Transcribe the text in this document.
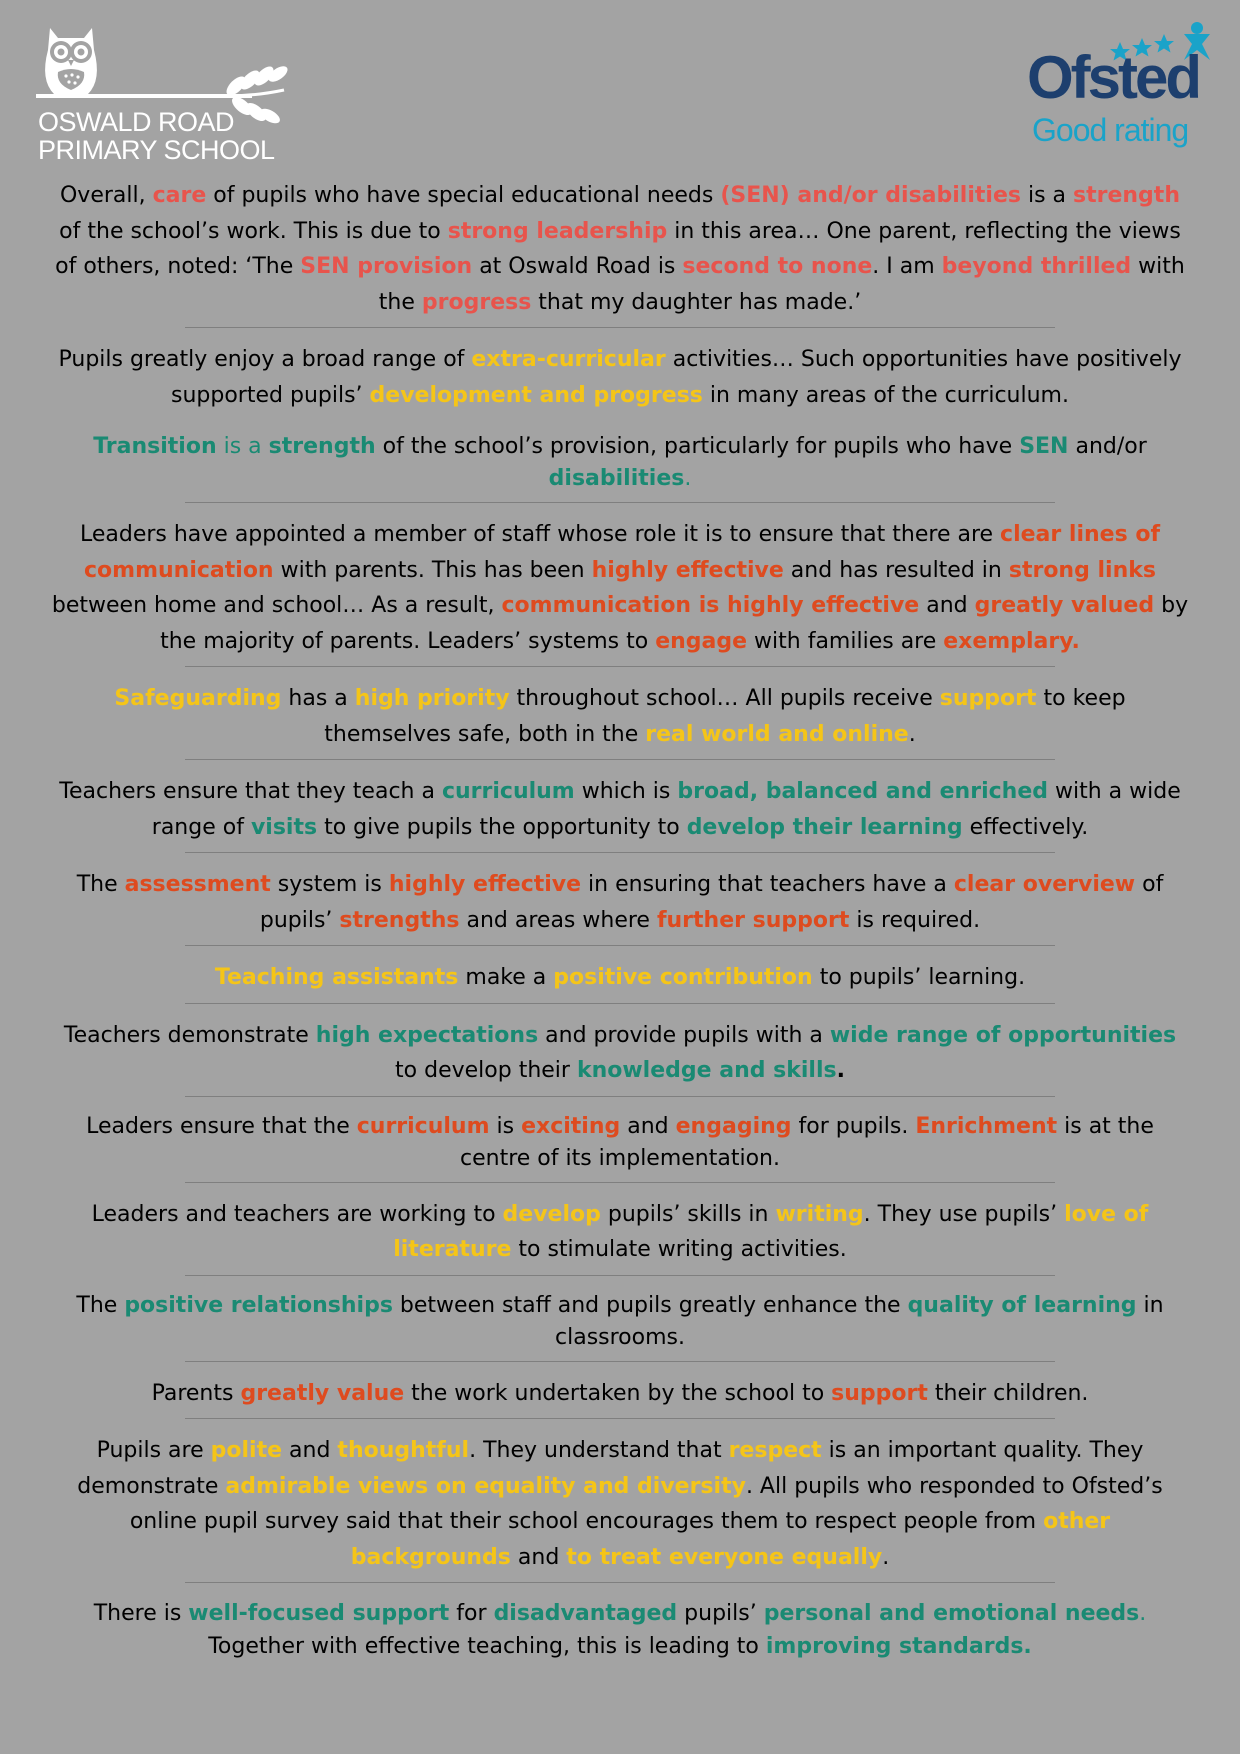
OSWALD ROAD
PRIMARY SCHOOL
Ofsted
Good rating

Overall, care of pupils who have special educational needs (SEN) and/or disabilities is a strength of the school’s work. This is due to strong leadership in this area… One parent, reflecting the views of others, noted: ‘The SEN provision at Oswald Road is second to none. I am beyond thrilled with the progress that my daughter has made.’

Pupils greatly enjoy a broad range of extra-curricular activities… Such opportunities have positively supported pupils’ development and progress in many areas of the curriculum.

Transition is a strength of the school’s provision, particularly for pupils who have SEN and/or disabilities.

Leaders have appointed a member of staff whose role it is to ensure that there are clear lines of communication with parents. This has been highly effective and has resulted in strong links between home and school… As a result, communication is highly effective and greatly valued by the majority of parents. Leaders’ systems to engage with families are exemplary.

Safeguarding has a high priority throughout school… All pupils receive support to keep themselves safe, both in the real world and online.

Teachers ensure that they teach a curriculum which is broad, balanced and enriched with a wide range of visits to give pupils the opportunity to develop their learning effectively.

The assessment system is highly effective in ensuring that teachers have a clear overview of pupils’ strengths and areas where further support is required.

Teaching assistants make a positive contribution to pupils’ learning.

Teachers demonstrate high expectations and provide pupils with a wide range of opportunities to develop their knowledge and skills.

Leaders ensure that the curriculum is exciting and engaging for pupils. Enrichment is at the centre of its implementation.

Leaders and teachers are working to develop pupils’ skills in writing. They use pupils’ love of literature to stimulate writing activities.

The positive relationships between staff and pupils greatly enhance the quality of learning in classrooms.

Parents greatly value the work undertaken by the school to support their children.

Pupils are polite and thoughtful. They understand that respect is an important quality. They demonstrate admirable views on equality and diversity. All pupils who responded to Ofsted’s online pupil survey said that their school encourages them to respect people from other backgrounds and to treat everyone equally.

There is well-focused support for disadvantaged pupils’ personal and emotional needs. Together with effective teaching, this is leading to improving standards.
